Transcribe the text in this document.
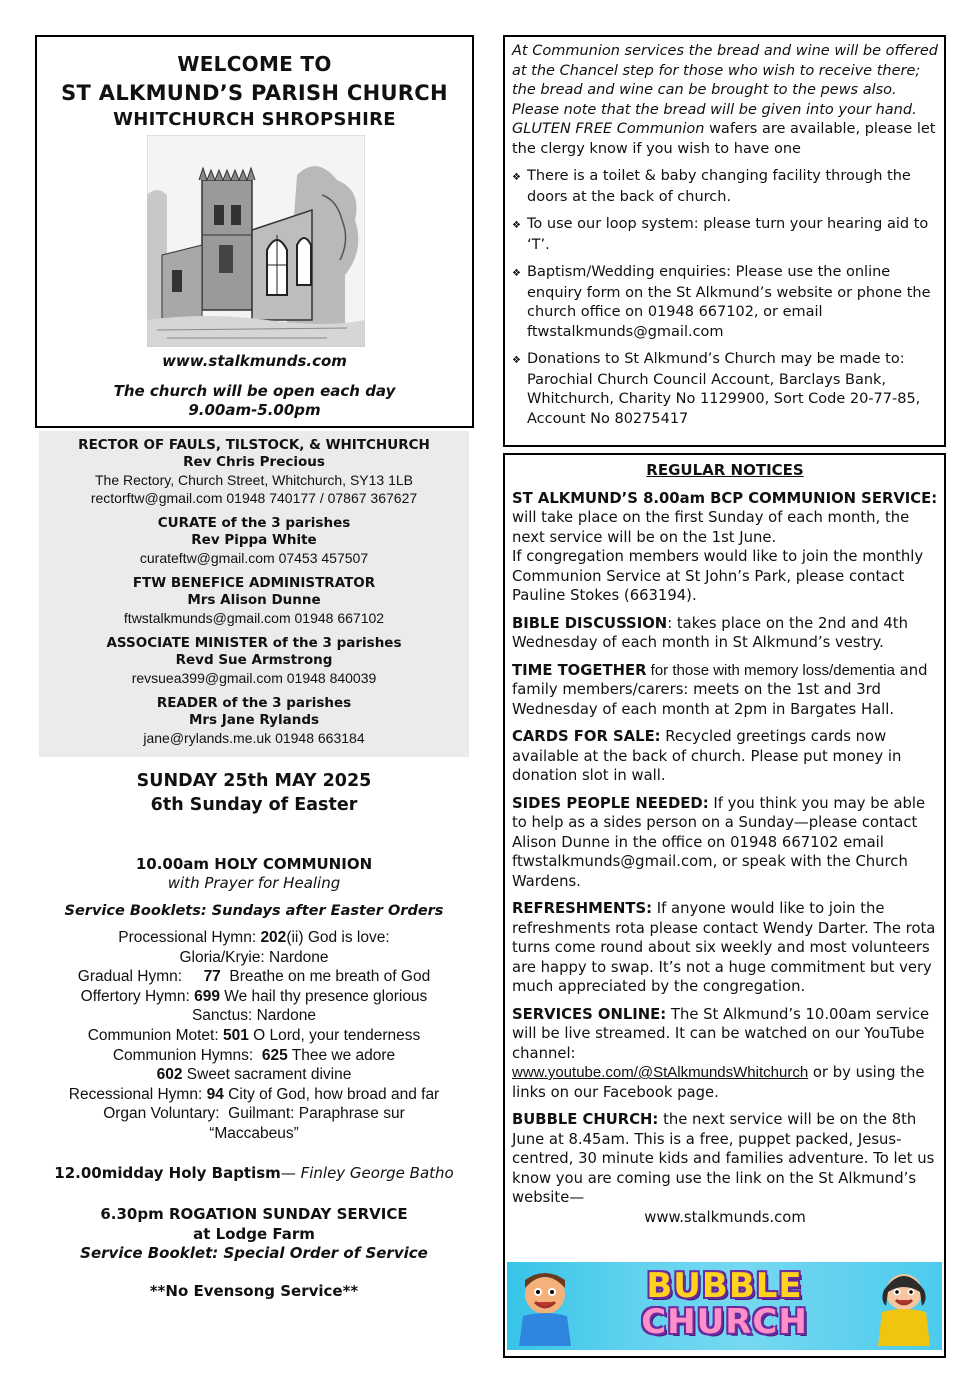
WELCOME TO
ST ALKMUND’S PARISH CHURCH
WHITCHURCH SHROPSHIRE
www.stalkmunds.com
The church will be open each day
9.00am-5.00pm
RECTOR OF FAULS, TILSTOCK, & WHITCHURCH
Rev Chris Precious
The Rectory, Church Street, Whitchurch, SY13 1LB
rectorftw@gmail.com 01948 740177 / 07867 367627
CURATE of the 3 parishes
Rev Pippa White
curateftw@gmail.com 07453 457507
FTW BENEFICE ADMINISTRATOR
Mrs Alison Dunne
ftwstalkmunds@gmail.com 01948 667102
ASSOCIATE MINISTER of the 3 parishes
Revd Sue Armstrong
revsuea399@gmail.com 01948 840039
READER of the 3 parishes
Mrs Jane Rylands
jane@rylands.me.uk 01948 663184
SUNDAY 25th MAY 2025
6th Sunday of Easter
10.00am HOLY COMMUNION
with Prayer for Healing
Service Booklets: Sundays after Easter Orders
Processional Hymn: 202(ii) God is love:
Gloria/Kryie: Nardone
Gradual Hymn:     77  Breathe on me breath of God
Offertory Hymn: 699 We hail thy presence glorious
Sanctus: Nardone
Communion Motet: 501 O Lord, your tenderness
Communion Hymns:  625 Thee we adore
602 Sweet sacrament divine
Recessional Hymn: 94 City of God, how broad and far
Organ Voluntary:  Guilmant: Paraphrase sur
“Maccabeus”
12.00midday Holy Baptism— Finley George Batho
6.30pm ROGATION SUNDAY SERVICE
at Lodge Farm
Service Booklet: Special Order of Service
**No Evensong Service**
At Communion services the bread and wine will be offered at the Chancel step for those who wish to receive there; the bread and wine can be brought to the pews also. Please note that the bread will be given into your hand. GLUTEN FREE Communion wafers are available, please let the clergy know if you wish to have one
❖ There is a toilet & baby changing facility through the doors at the back of church.
❖ To use our loop system: please turn your hearing aid to ‘T’.
❖ Baptism/Wedding enquiries: Please use the online enquiry form on the St Alkmund’s website or phone the church office on 01948 667102, or email ftwstalkmunds@gmail.com
❖ Donations to St Alkmund’s Church may be made to: Parochial Church Council Account, Barclays Bank, Whitchurch, Charity No 1129900, Sort Code 20-77-85, Account No 80275417
REGULAR NOTICES
ST ALKMUND’S 8.00am BCP COMMUNION SERVICE: will take place on the first Sunday of each month, the next service will be on the 1st June.
If congregation members would like to join the monthly Communion Service at St John’s Park, please contact Pauline Stokes (663194).
BIBLE DISCUSSION: takes place on the 2nd and 4th Wednesday of each month in St Alkmund’s vestry.
TIME TOGETHER for those with memory loss/dementia and family members/carers: meets on the 1st and 3rd Wednesday of each month at 2pm in Bargates Hall.
CARDS FOR SALE: Recycled greetings cards now available at the back of church. Please put money in donation slot in wall.
SIDES PEOPLE NEEDED: If you think you may be able to help as a sides person on a Sunday—please contact Alison Dunne in the office on 01948 667102 email ftwstalkmunds@gmail.com, or speak with the Church Wardens.
REFRESHMENTS: If anyone would like to join the refreshments rota please contact Wendy Darter. The rota turns come round about six weekly and most volunteers are happy to swap. It’s not a huge commitment but very much appreciated by the congregation.
SERVICES ONLINE: The St Alkmund’s 10.00am service will be live streamed. It can be watched on our YouTube channel:
www.youtube.com/@StAlkmundsWhitchurch or by using the links on our Facebook page.
BUBBLE CHURCH: the next service will be on the 8th June at 8.45am. This is a free, puppet packed, Jesus-centred, 30 minute kids and families adventure. To let us know you are coming use the link on the St Alkmund’s website—
www.stalkmunds.com
BUBBLE
CHURCH
